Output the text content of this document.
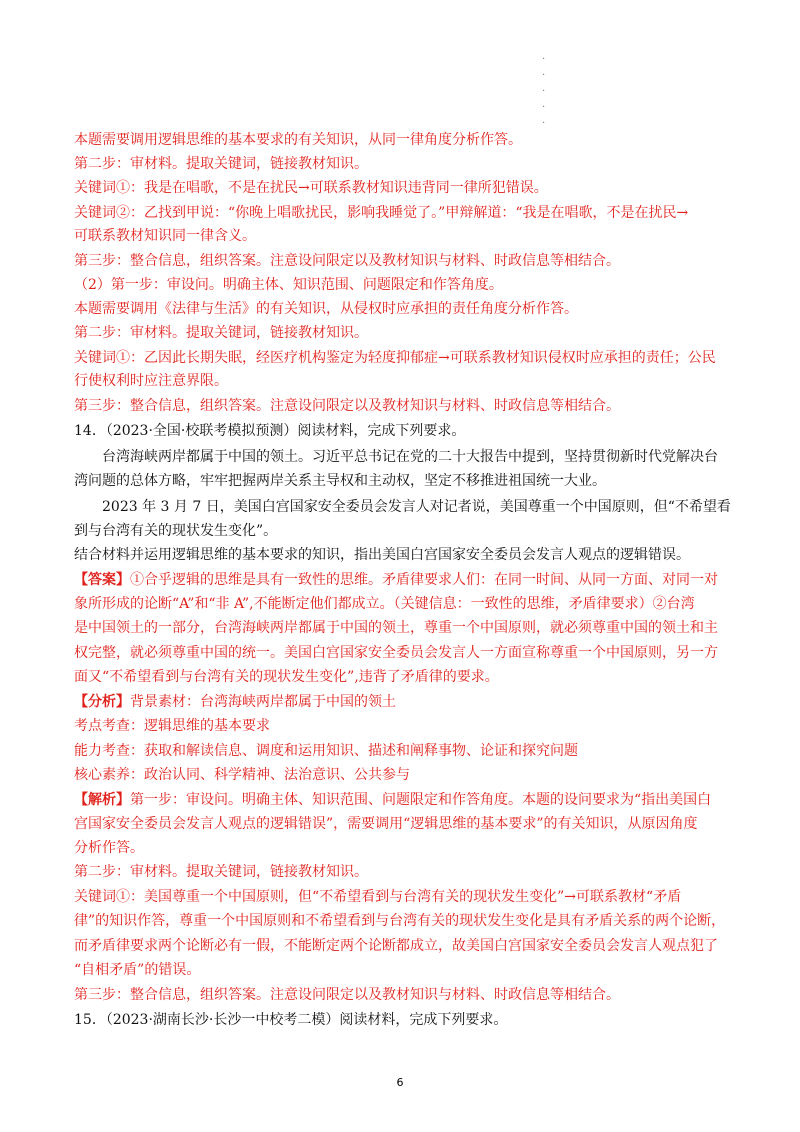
.
.
.
.
.
本题需要调用逻辑思维的基本要求的有关知识，从同一律角度分析作答。
第二步：审材料。提取关键词，链接教材知识。
关键词①：我是在唱歌，不是在扰民→可联系教材知识违背同一律所犯错误。
关键词②：乙找到甲说：“你晚上唱歌扰民，影响我睡觉了。”甲辩解道：“我是在唱歌，不是在扰民→
可联系教材知识同一律含义。
第三步：整合信息，组织答案。注意设问限定以及教材知识与材料、时政信息等相结合。
（2）第一步：审设问。明确主体、知识范围、问题限定和作答角度。
本题需要调用《法律与生活》的有关知识，从侵权时应承担的责任角度分析作答。
第二步：审材料。提取关键词，链接教材知识。
关键词①：乙因此长期失眠，经医疗机构鉴定为轻度抑郁症→可联系教材知识侵权时应承担的责任；公民
行使权利时应注意界限。
第三步：整合信息，组织答案。注意设问限定以及教材知识与材料、时政信息等相结合。
14．（2023·全国·校联考模拟预测）阅读材料，完成下列要求。
台湾海峡两岸都属于中国的领土。习近平总书记在党的二十大报告中提到，坚持贯彻新时代党解决台
湾问题的总体方略，牢牢把握两岸关系主导权和主动权，坚定不移推进祖国统一大业。
2023 年 3 月 7 日，美国白宫国家安全委员会发言人对记者说，美国尊重一个中国原则，但“不希望看
到与台湾有关的现状发生变化”。
结合材料并运用逻辑思维的基本要求的知识，指出美国白宫国家安全委员会发言人观点的逻辑错误。
【答案】①合乎逻辑的思维是具有一致性的思维。矛盾律要求人们：在同一时间、从同一方面、对同一对
象所形成的论断“A”和“非 A”,不能断定他们都成立。（关键信息：一致性的思维，矛盾律要求）②台湾
是中国领土的一部分，台湾海峡两岸都属于中国的领土，尊重一个中国原则，就必须尊重中国的领土和主
权完整，就必须尊重中国的统一。美国白宫国家安全委员会发言人一方面宣称尊重一个中国原则，另一方
面又“不希望看到与台湾有关的现状发生变化”,违背了矛盾律的要求。
【分析】背景素材：台湾海峡两岸都属于中国的领土
考点考查：逻辑思维的基本要求
能力考查：获取和解读信息、调度和运用知识、描述和阐释事物、论证和探究问题
核心素养：政治认同、科学精神、法治意识、公共参与
【解析】第一步：审设问。明确主体、知识范围、问题限定和作答角度。本题的设问要求为“指出美国白
宫国家安全委员会发言人观点的逻辑错误”，需要调用“逻辑思维的基本要求”的有关知识，从原因角度
分析作答。
第二步：审材料。提取关键词，链接教材知识。
关键词①：美国尊重一个中国原则，但“不希望看到与台湾有关的现状发生变化”→可联系教材“矛盾
律”的知识作答，尊重一个中国原则和不希望看到与台湾有关的现状发生变化是具有矛盾关系的两个论断，
而矛盾律要求两个论断必有一假，不能断定两个论断都成立，故美国白宫国家安全委员会发言人观点犯了
“自相矛盾”的错误。
第三步：整合信息，组织答案。注意设问限定以及教材知识与材料、时政信息等相结合。
15．（2023·湖南长沙·长沙一中校考二模）阅读材料，完成下列要求。
6
